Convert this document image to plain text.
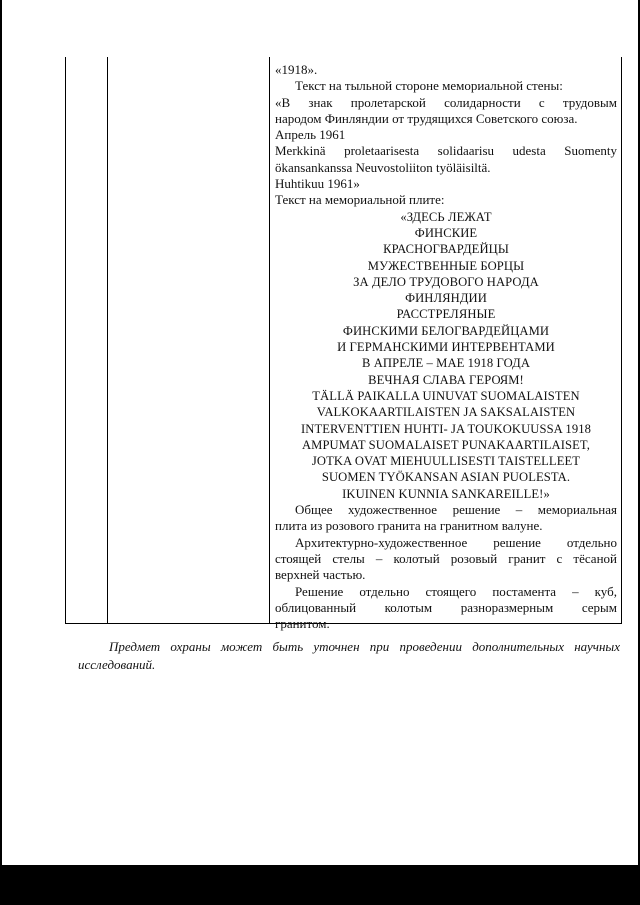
«1918».
Текст на тыльной стороне мемориальной стены:
«В знак пролетарской солидарности с трудовым
народом Финляндии от трудящихся Советского союза.
Апрель 1961
Merkkinä proletaarisesta solidaarisu udesta Suomenty
ökansankanssa Neuvostoliiton työläisiltä.
Huhtikuu 1961»
Текст на мемориальной плите:
«ЗДЕСЬ ЛЕЖАТ
ФИНСКИЕ
КРАСНОГВАРДЕЙЦЫ
МУЖЕСТВЕННЫЕ БОРЦЫ
ЗА ДЕЛО ТРУДОВОГО НАРОДА
ФИНЛЯНДИИ
РАССТРЕЛЯНЫЕ
ФИНСКИМИ БЕЛОГВАРДЕЙЦАМИ
И ГЕРМАНСКИМИ ИНТЕРВЕНТАМИ
В АПРЕЛЕ – МАЕ 1918 ГОДА
ВЕЧНАЯ СЛАВА ГЕРОЯМ!
TÄLLÄ PAIKALLA UINUVAT SUOMALAISTEN
VALKOKAARTILAISTEN JA SAKSALAISTEN
INTERVENTTIEN HUHTI- JA TOUKOKUUSSA 1918
AMPUMAT SUOMALAISET PUNAKAARTILAISET,
JOTKA OVAT MIEHUULLISESTI TAISTELLEET
SUOMEN TYÖKANSAN ASIAN PUOLESTA.
IKUINEN KUNNIA SANKAREILLE!»
Общее художественное решение – мемориальная
плита из розового гранита на гранитном валуне.
Архитектурно-художественное решение отдельно
стоящей стелы – колотый розовый гранит с тёсаной
верхней частью.
Решение отдельно стоящего постамента – куб,
облицованный колотым разноразмерным серым
гранитом.
Предмет охраны может быть уточнен при проведении дополнительных научных исследований.
